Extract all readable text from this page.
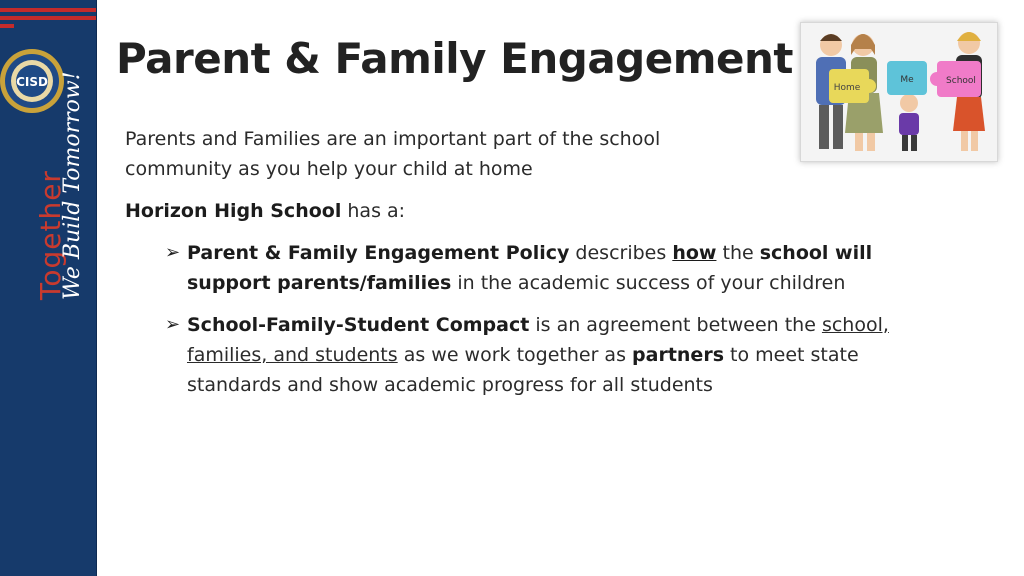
CISD
Together
We Build Tomorrow!
Parent & Family Engagement
Home
Me	School

Parents and Families are an important part of the school community as you help your child at home

Horizon High School has a:

➢ Parent & Family Engagement Policy describes how the school will support parents/families in the academic success of your children
➢ School-Family-Student Compact is an agreement between the school, families, and students as we work together as partners to meet state standards and show academic progress for all students
